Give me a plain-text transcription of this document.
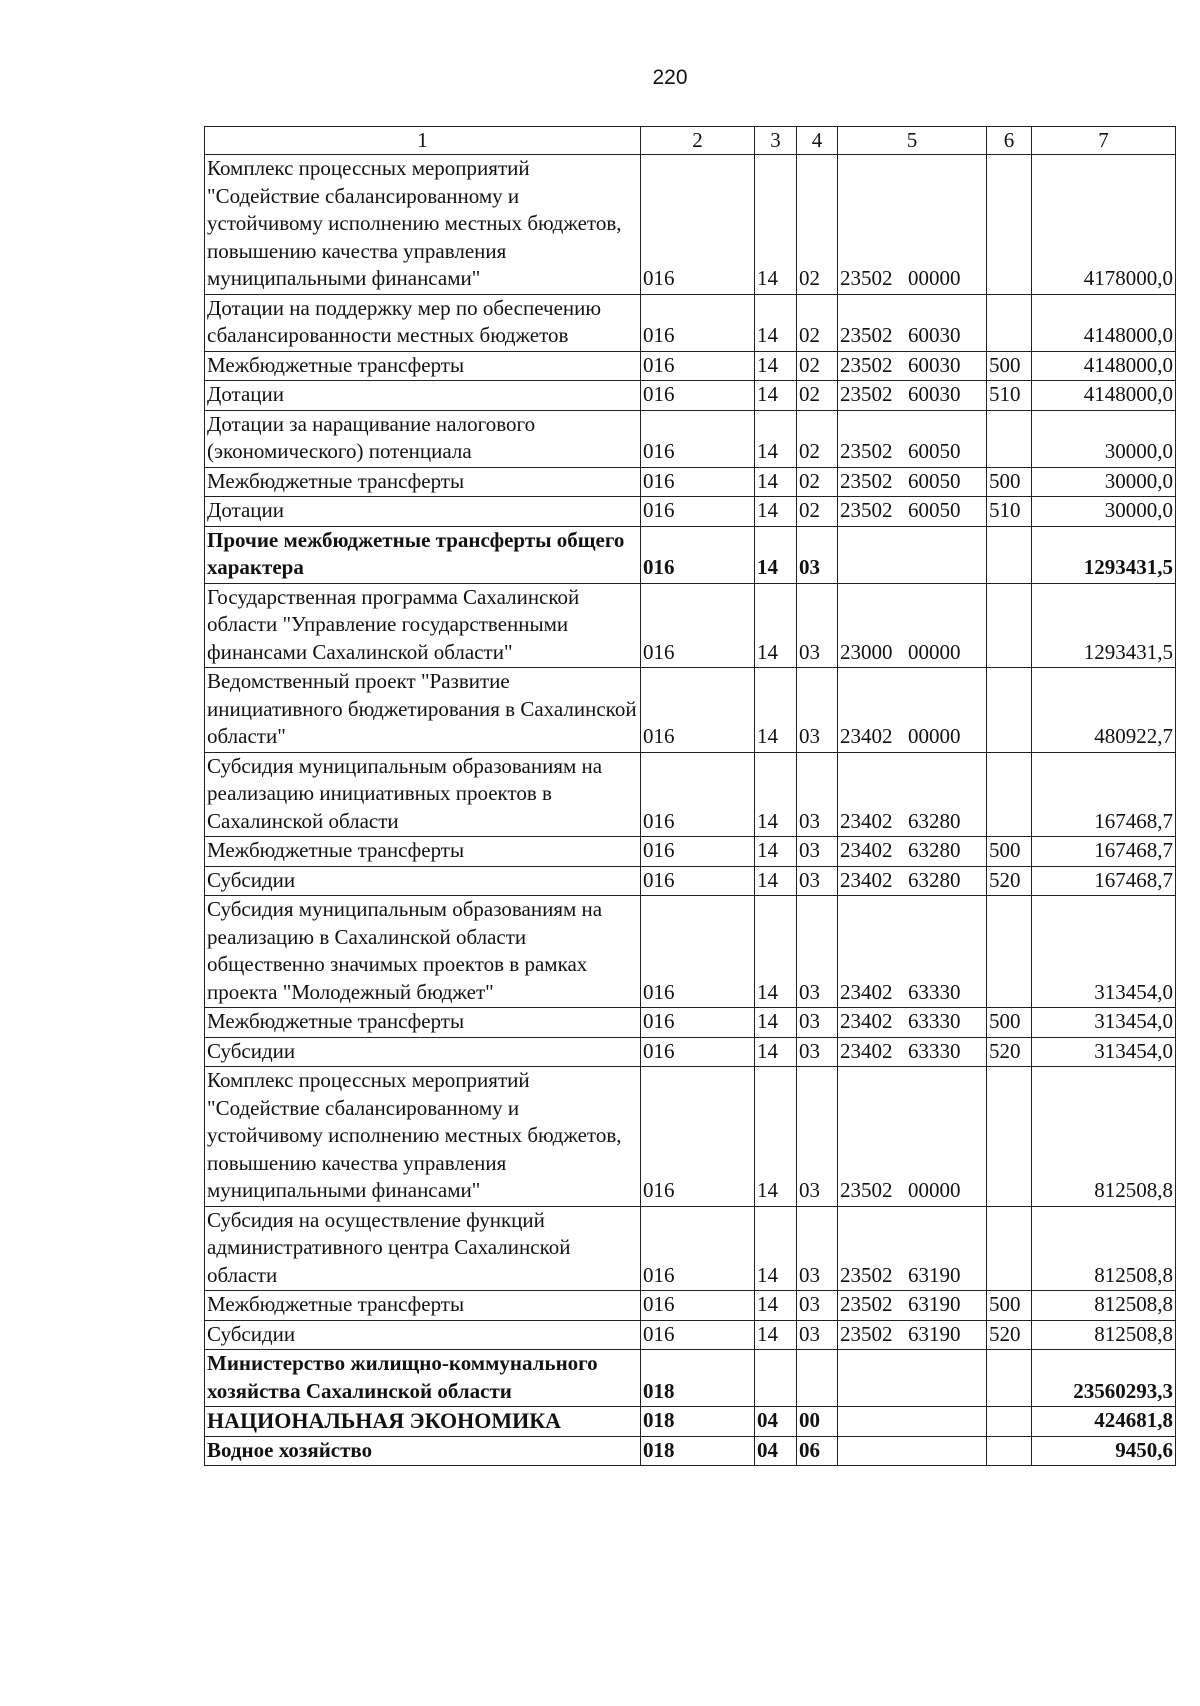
220
1	2	3	4	5	6	7
Комплекс процессных мероприятий "Содействие сбалансированному и устойчивому исполнению местных бюджетов, повышению качества управления муниципальными финансами"	016	14	02	23502 00000		4178000,0
Дотации на поддержку мер по обеспечению сбалансированности местных бюджетов	016	14	02	23502 60030		4148000,0
Межбюджетные трансферты	016	14	02	23502 60030	500	4148000,0
Дотации	016	14	02	23502 60030	510	4148000,0
Дотации за наращивание налогового (экономического) потенциала	016	14	02	23502 60050		30000,0
Межбюджетные трансферты	016	14	02	23502 60050	500	30000,0
Дотации	016	14	02	23502 60050	510	30000,0
Прочие межбюджетные трансферты общего характера	016	14	03			1293431,5
Государственная программа Сахалинской области "Управление государственными финансами Сахалинской области"	016	14	03	23000 00000		1293431,5
Ведомственный проект "Развитие инициативного бюджетирования в Сахалинской области"	016	14	03	23402 00000		480922,7
Субсидия муниципальным образованиям на реализацию инициативных проектов в Сахалинской области	016	14	03	23402 63280		167468,7
Межбюджетные трансферты	016	14	03	23402 63280	500	167468,7
Субсидии	016	14	03	23402 63280	520	167468,7
Субсидия муниципальным образованиям на реализацию в Сахалинской области общественно значимых проектов в рамках проекта "Молодежный бюджет"	016	14	03	23402 63330		313454,0
Межбюджетные трансферты	016	14	03	23402 63330	500	313454,0
Субсидии	016	14	03	23402 63330	520	313454,0
Комплекс процессных мероприятий "Содействие сбалансированному и устойчивому исполнению местных бюджетов, повышению качества управления муниципальными финансами"	016	14	03	23502 00000		812508,8
Субсидия на осуществление функций административного центра Сахалинской области	016	14	03	23502 63190		812508,8
Межбюджетные трансферты	016	14	03	23502 63190	500	812508,8
Субсидии	016	14	03	23502 63190	520	812508,8
Министерство жилищно-коммунального хозяйства Сахалинской области	018					23560293,3
НАЦИОНАЛЬНАЯ ЭКОНОМИКА	018	04	00			424681,8
Водное хозяйство	018	04	06			9450,6
